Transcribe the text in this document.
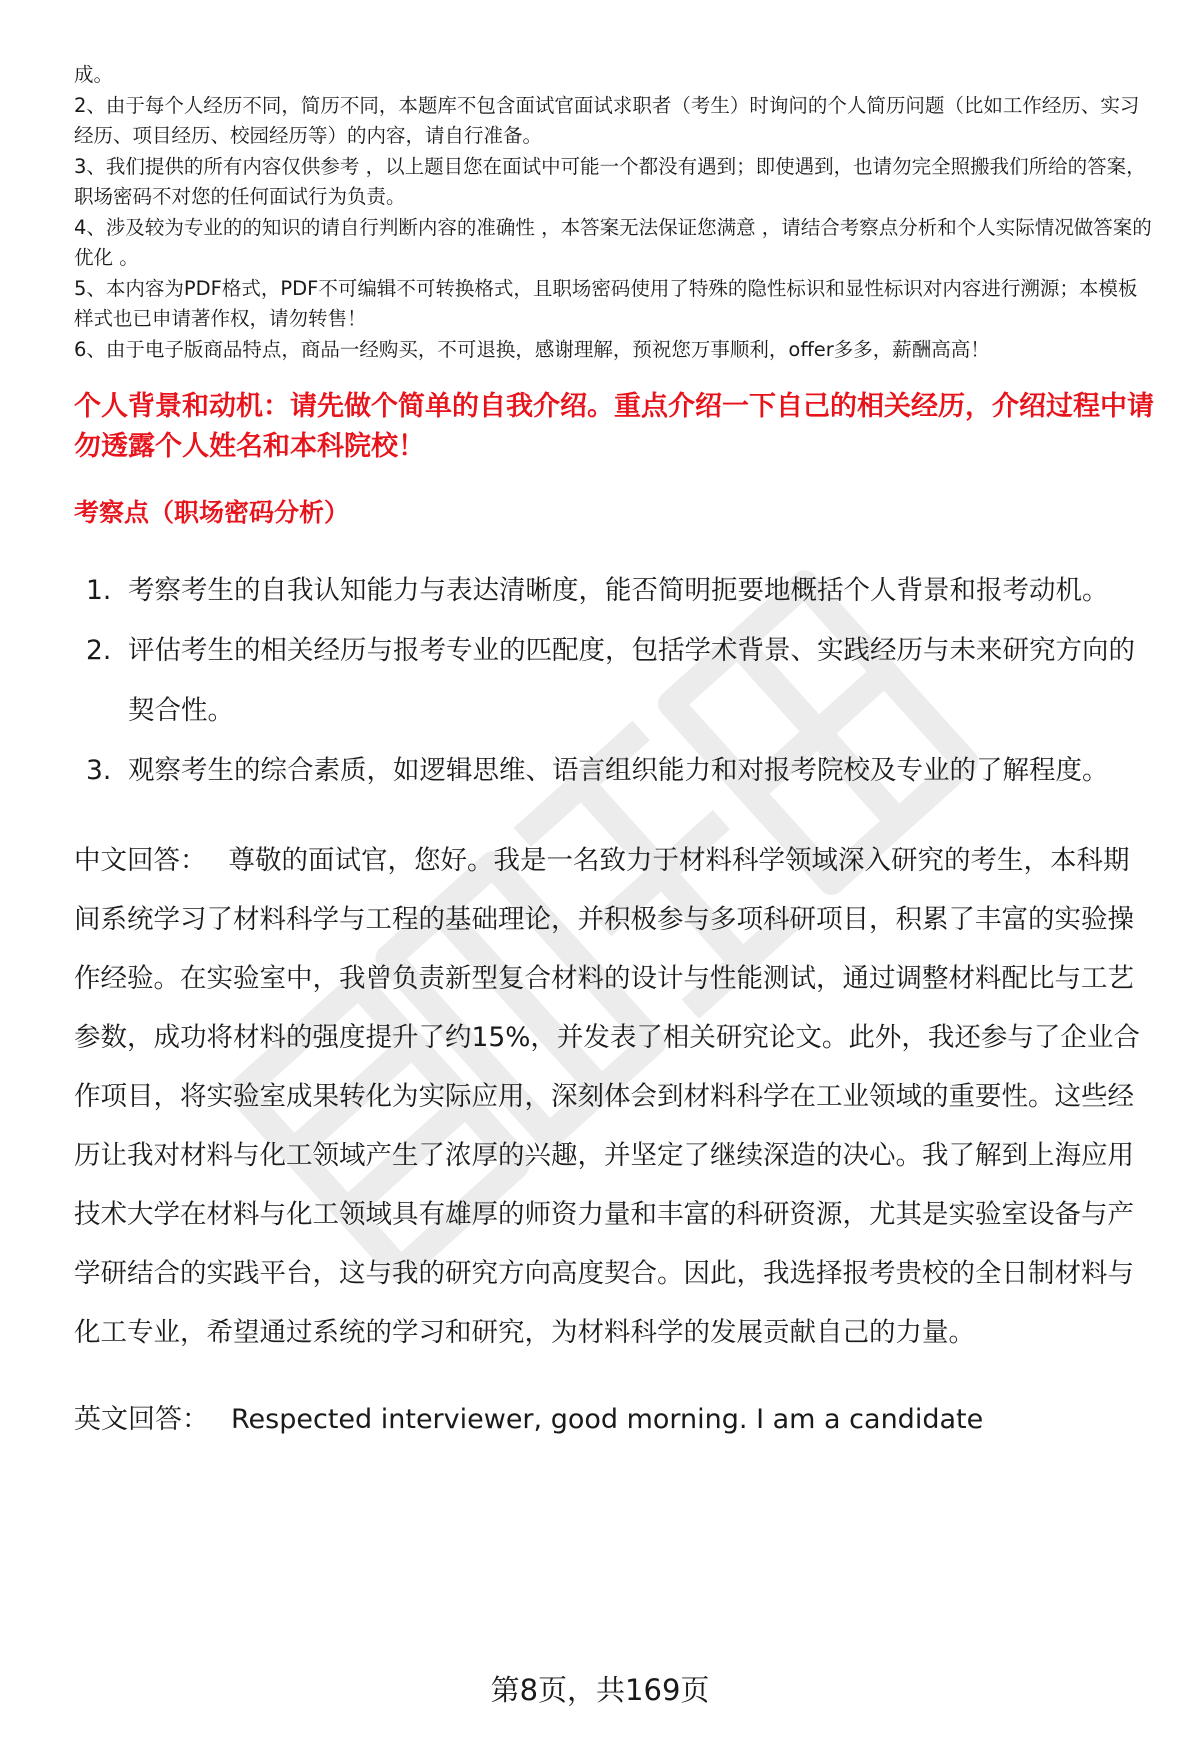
成。

2、由于每个人经历不同，简历不同，本题库不包含面试官面试求职者（考生）时询问的个人简历问题（比如工作经历、实习经历、项目经历、校园经历等）的内容，请自行准备。

3、我们提供的所有内容仅供参考 ，以上题目您在面试中可能一个都没有遇到；即使遇到，也请勿完全照搬我们所给的答案，职场密码不对您的任何面试行为负责。

4、涉及较为专业的的知识的请自行判断内容的准确性 ，本答案无法保证您满意 ，请结合考察点分析和个人实际情况做答案的优化 。

5、本内容为PDF格式，PDF不可编辑不可转换格式，且职场密码使用了特殊的隐性标识和显性标识对内容进行溯源；本模板样式也已申请著作权，请勿转售！

6、由于电子版商品特点，商品一经购买，不可退换，感谢理解，预祝您万事顺利，offer多多，薪酬高高！

个人背景和动机：请先做个简单的自我介绍。重点介绍一下自己的相关经历，介绍过程中请勿透露个人姓名和本科院校！
考察点（职场密码分析）
1. 考察考生的自我认知能力与表达清晰度，能否简明扼要地概括个人背景和报考动机。
2. 评估考生的相关经历与报考专业的匹配度，包括学术背景、实践经历与未来研究方向的契合性。
3. 观察考生的综合素质，如逻辑思维、语言组织能力和对报考院校及专业的了解程度。

中文回答： 尊敬的面试官，您好。我是一名致力于材料科学领域深入研究的考生，本科期间系统学习了材料科学与工程的基础理论，并积极参与多项科研项目，积累了丰富的实验操作经验。在实验室中，我曾负责新型复合材料的设计与性能测试，通过调整材料配比与工艺参数，成功将材料的强度提升了约15%，并发表了相关研究论文。此外，我还参与了企业合作项目，将实验室成果转化为实际应用，深刻体会到材料科学在工业领域的重要性。这些经历让我对材料与化工领域产生了浓厚的兴趣，并坚定了继续深造的决心。我了解到上海应用技术大学在材料与化工领域具有雄厚的师资力量和丰富的科研资源，尤其是实验室设备与产学研结合的实践平台，这与我的研究方向高度契合。因此，我选择报考贵校的全日制材料与化工专业，希望通过系统的学习和研究，为材料科学的发展贡献自己的力量。

英文回答： Respected interviewer, good morning. I am a candidate

第8页，共169页
